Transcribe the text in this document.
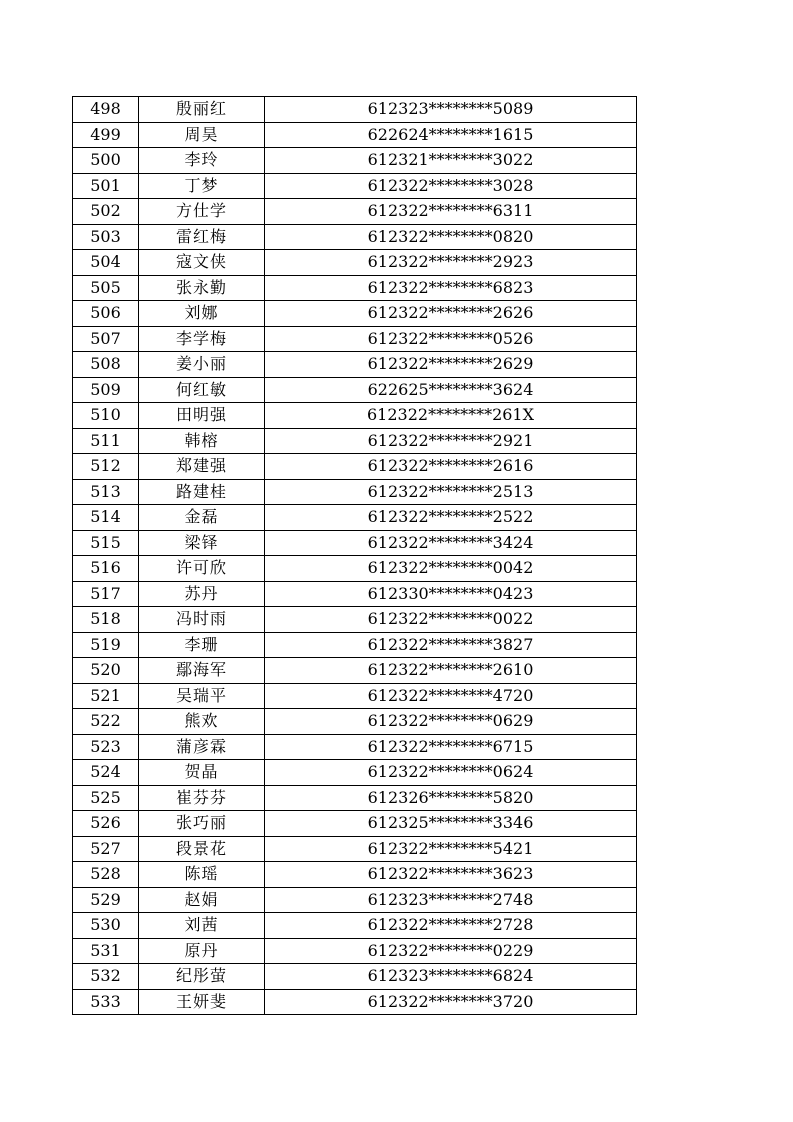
498	殷丽红	612323********5089
499	周昊	622624********1615
500	李玲	612321********3022
501	丁梦	612322********3028
502	方仕学	612322********6311
503	雷红梅	612322********0820
504	寇文侠	612322********2923
505	张永勤	612322********6823
506	刘娜	612322********2626
507	李学梅	612322********0526
508	姜小丽	612322********2629
509	何红敏	622625********3624
510	田明强	612322********261X
511	韩榕	612322********2921
512	郑建强	612322********2616
513	路建桂	612322********2513
514	金磊	612322********2522
515	梁铎	612322********3424
516	许可欣	612322********0042
517	苏丹	612330********0423
518	冯时雨	612322********0022
519	李珊	612322********3827
520	鄢海军	612322********2610
521	吴瑞平	612322********4720
522	熊欢	612322********0629
523	蒲彦霖	612322********6715
524	贺晶	612322********0624
525	崔芬芬	612326********5820
526	张巧丽	612325********3346
527	段景花	612322********5421
528	陈瑶	612322********3623
529	赵娟	612323********2748
530	刘茜	612322********2728
531	原丹	612322********0229
532	纪彤萤	612323********6824
533	王妍斐	612322********3720
